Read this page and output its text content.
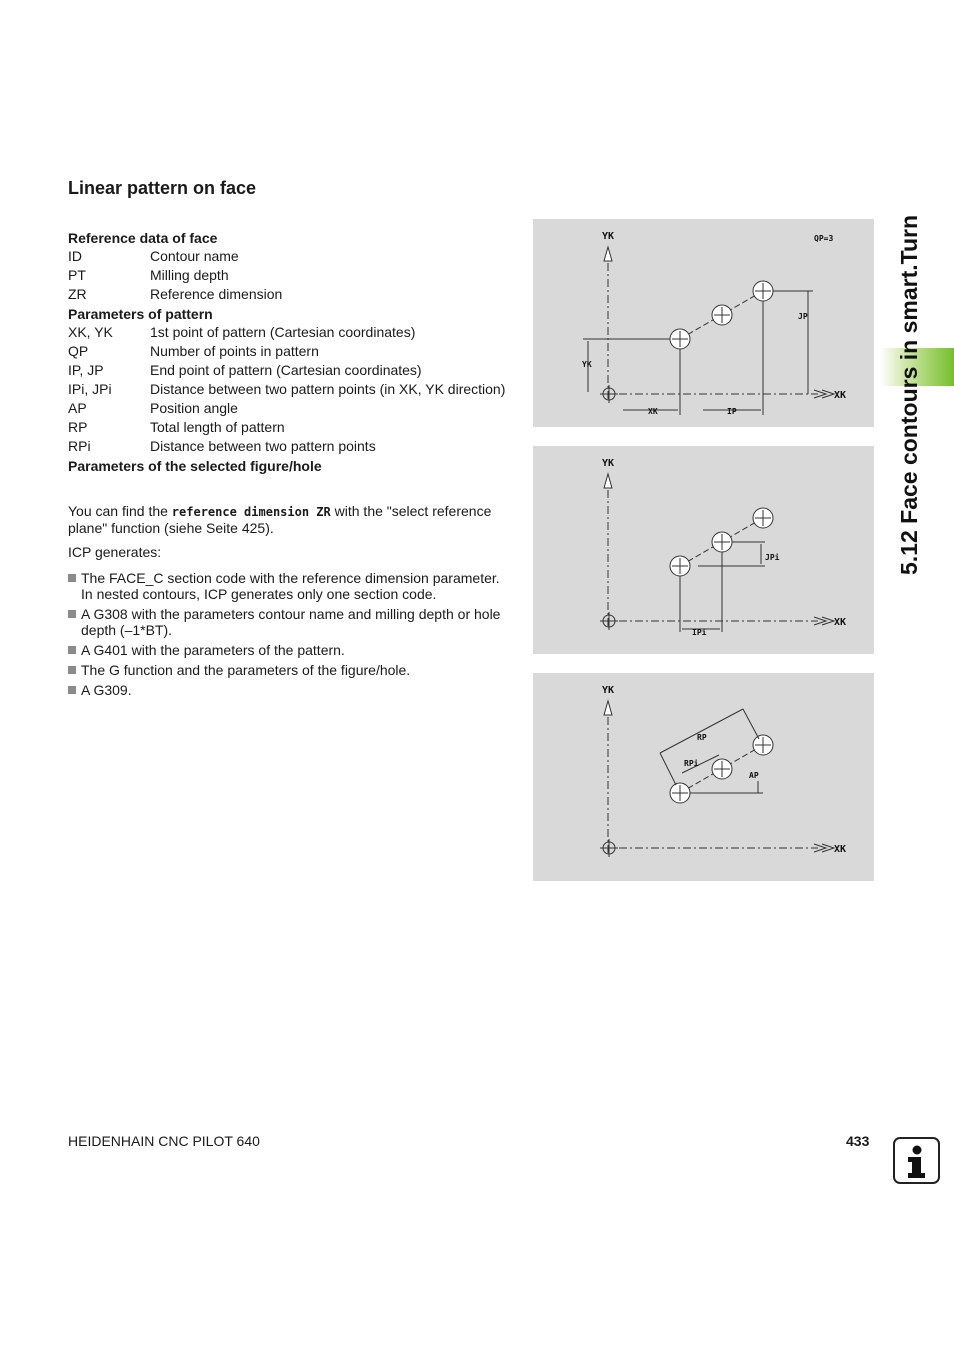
Linear pattern on face
Reference data of face
ID	Contour name
PT	Milling depth
ZR	Reference dimension
Parameters of pattern
XK, YK	1st point of pattern (Cartesian coordinates)
QP	Number of points in pattern
IP, JP	End point of pattern (Cartesian coordinates)
IPi, JPi	Distance between two pattern points (in XK, YK direction)
AP	Position angle
RP	Total length of pattern
RPi	Distance between two pattern points
Parameters of the selected figure/hole
You can find the reference dimension ZR with the "select reference plane" function (siehe Seite 425).
ICP generates:
The FACE_C section code with the reference dimension parameter. In nested contours, ICP generates only one section code.
A G308 with the parameters contour name and milling depth or hole depth (–1*BT).
A G401 with the parameters of the pattern.
The G function and the parameters of the figure/hole.
A G309.
YK
XK
QP=3
JP
YK
XK	IP
YK
XK
JPi
IPi
YK
XK
RP
RPi
AP
5.12 Face contours in smart.Turn
HEIDENHAIN CNC PILOT 640	433
